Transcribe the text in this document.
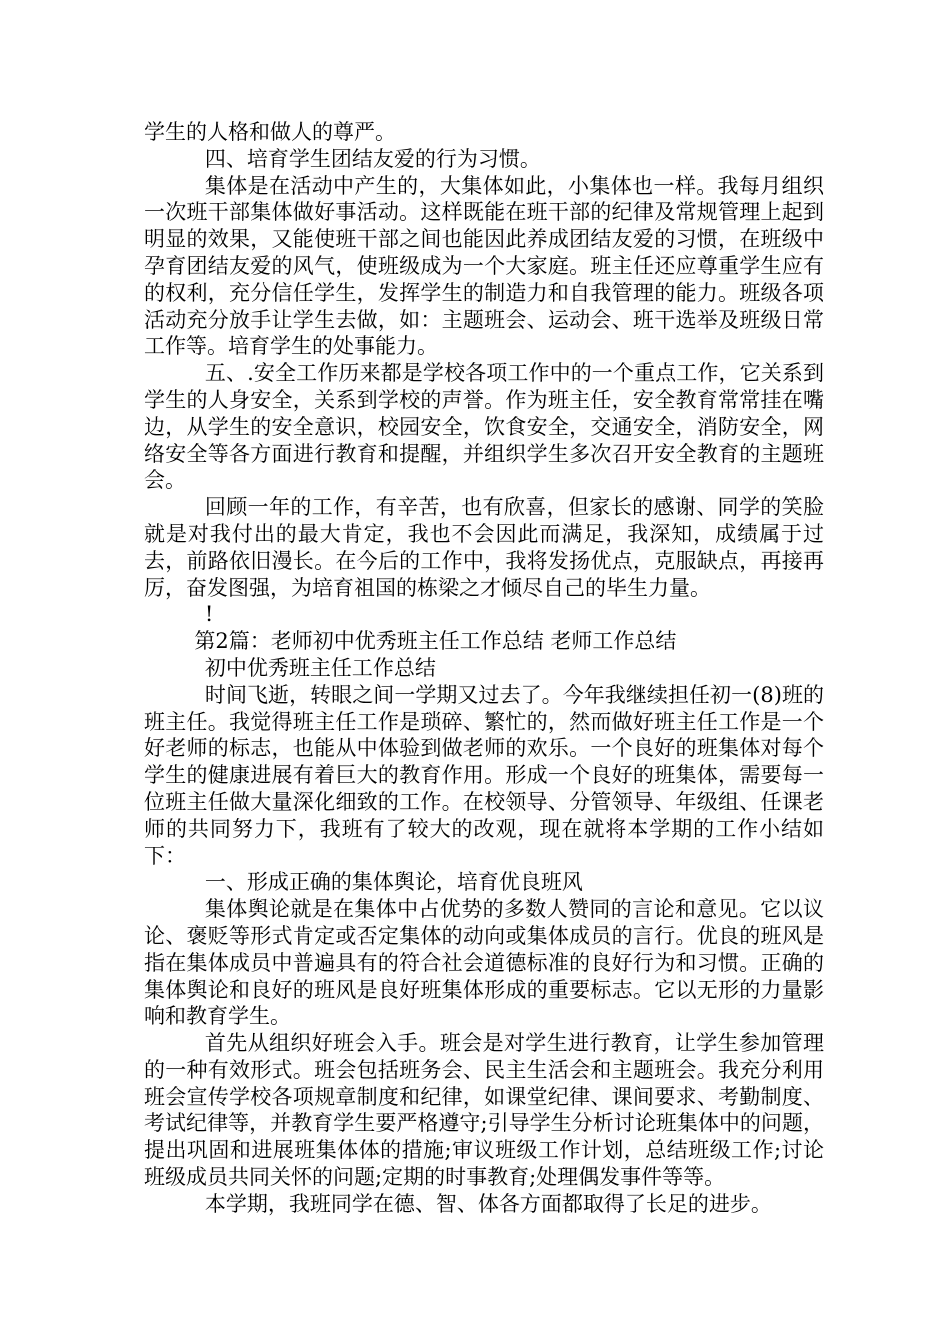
学生的人格和做人的尊严。

四、培育学生团结友爱的行为习惯。

集体是在活动中产生的，大集体如此，小集体也一样。我每月组织一次班干部集体做好事活动。这样既能在班干部的纪律及常规管理上起到明显的效果，又能使班干部之间也能因此养成团结友爱的习惯，在班级中孕育团结友爱的风气，使班级成为一个大家庭。班主任还应尊重学生应有的权利，充分信任学生，发挥学生的制造力和自我管理的能力。班级各项活动充分放手让学生去做，如：主题班会、运动会、班干选举及班级日常工作等。培育学生的处事能力。

五、.安全工作历来都是学校各项工作中的一个重点工作，它关系到学生的人身安全，关系到学校的声誉。作为班主任，安全教育常常挂在嘴边，从学生的安全意识，校园安全，饮食安全，交通安全，消防安全，网络安全等各方面进行教育和提醒，并组织学生多次召开安全教育的主题班会。

回顾一年的工作，有辛苦，也有欣喜，但家长的感谢、同学的笑脸就是对我付出的最大肯定，我也不会因此而满足，我深知，成绩属于过去，前路依旧漫长。在今后的工作中，我将发扬优点，克服缺点，再接再厉，奋发图强，为培育祖国的栋梁之才倾尽自己的毕生力量。

!

第2篇：老师初中优秀班主任工作总结 老师工作总结

初中优秀班主任工作总结

时间飞逝，转眼之间一学期又过去了。今年我继续担任初一(8)班的班主任。我觉得班主任工作是琐碎、繁忙的，然而做好班主任工作是一个好老师的标志，也能从中体验到做老师的欢乐。一个良好的班集体对每个学生的健康进展有着巨大的教育作用。形成一个良好的班集体，需要每一位班主任做大量深化细致的工作。在校领导、分管领导、年级组、任课老师的共同努力下，我班有了较大的改观，现在就将本学期的工作小结如下：

一、形成正确的集体舆论，培育优良班风

集体舆论就是在集体中占优势的多数人赞同的言论和意见。它以议论、褒贬等形式肯定或否定集体的动向或集体成员的言行。优良的班风是指在集体成员中普遍具有的符合社会道德标准的良好行为和习惯。正确的集体舆论和良好的班风是良好班集体形成的重要标志。它以无形的力量影响和教育学生。

首先从组织好班会入手。班会是对学生进行教育，让学生参加管理的一种有效形式。班会包括班务会、民主生活会和主题班会。我充分利用班会宣传学校各项规章制度和纪律，如课堂纪律、课间要求、考勤制度、考试纪律等，并教育学生要严格遵守;引导学生分析讨论班集体中的问题，提出巩固和进展班集体体的措施;审议班级工作计划，总结班级工作;讨论班级成员共同关怀的问题;定期的时事教育;处理偶发事件等等。

本学期，我班同学在德、智、体各方面都取得了长足的进步。
